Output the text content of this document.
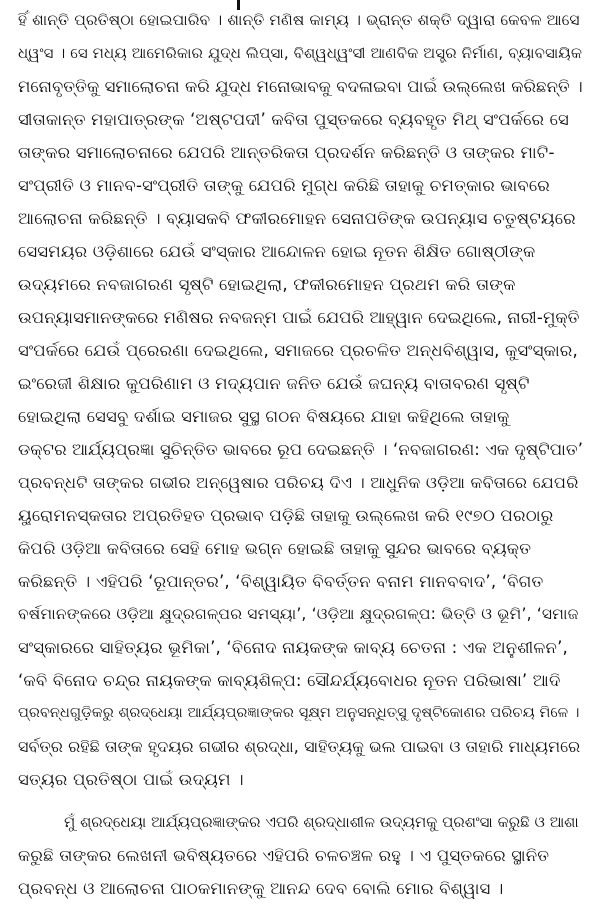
ହିଁ ଶାନ୍ତି ପ୍ରତିଷ୍ଠା ହୋଇପାରିବ । ଶାନ୍ତି ମଣିଷ କାମ୍ୟ । ଭ୍ରାନ୍ତ ଶକ୍ତି ଦ୍ୱାରା କେବଳ ଆସେ
ଧ୍ୱଂସ । ସେ ମଧ୍ୟ ଆମେରିକାର ଯୁଦ୍ଧ ଲିପ୍‌ସା, ବିଶ୍ୱଧ୍ୱଂସୀ ଆଣବିକ ଅସ୍ତ୍ର ନିର୍ମାଣ, ବ୍ୟାବସାୟିକ
ମନୋବୃତ୍ତିକୁ ସମାଲୋଚନା କରି ଯୁଦ୍ଧ ମନୋଭାବକୁ ବଦଳାଇବା ପାଇଁ ଉଲ୍ଲେଖ କରିଛନ୍ତି ।
ସୀତାକାନ୍ତ ମହାପାତ୍ରଙ୍କ ‘ଅଷ୍ଟପଦୀ’ କବିତା ପୁସ୍ତକରେ ବ୍ୟବହୃତ ମିଥ୍ ସଂପର୍କରେ ସେ
ତାଙ୍କର ସମାଲୋଚନାରେ ଯେପରି ଆନ୍ତରିକତା ପ୍ରଦର୍ଶନ କରିଛନ୍ତି ଓ ତାଙ୍କର ମାଟି-
ସଂପ୍ରୀତି ଓ ମାନବ-ସଂପ୍ରୀତି ତାଙ୍କୁ ଯେପରି ମୁଗ୍ଧ କରିଛି ତାହାକୁ ଚମତ୍କାର ଭାବରେ
ଆଲୋଚନା କରିଛନ୍ତି । ବ୍ୟାସକବି ଫକୀରମୋହନ ସେନାପତିଙ୍କ ଉପନ୍ୟାସ ଚତୁଷ୍ଟୟରେ
ସେସମୟର ଓଡ଼ିଶାରେ ଯେଉଁ ସଂସ୍କାର ଆନ୍ଦୋଳନ ହୋଇ ନୂତନ ଶିକ୍ଷିତ ଗୋଷ୍ଠୀଙ୍କ
ଉଦ୍ୟମରେ ନବଜାଗରଣ ସୃଷ୍ଟି ହୋଇଥିଲା, ଫକୀରମୋହନ ପ୍ରଥମ କରି ତାଙ୍କ
ଉପନ୍ୟାସମାନଙ୍କରେ ମଣିଷର ନବଜନ୍ମ ପାଇଁ ଯେପରି ଆହ୍ୱାନ ଦେଇଥିଲେ, ନାରୀ-ମୁକ୍ତି
ସଂପର୍କରେ ଯେଉଁ ପ୍ରେରଣା ଦେଇଥିଲେ, ସମାଜରେ ପ୍ରଚଳିତ ଅନ୍ଧବିଶ୍ୱାସ, କୁସଂସ୍କାର,
ଇଂରେଜୀ ଶିକ୍ଷାର କୁପରିଣାମ ଓ ମଦ୍ୟପାନ ଜନିତ ଯେଉଁ ଜଘନ୍ୟ ବାତାବରଣ ସୃଷ୍ଟି
ହୋଇଥିଲା ସେସବୁ ଦର୍ଶାଇ ସମାଜର ସୁସ୍ଥ ଗଠନ ବିଷୟରେ ଯାହା କହିଥିଲେ ତାହାକୁ
ଡକ୍ଟର ଆର୍ଯ୍ୟପ୍ରଜ୍ଞା ସୁଚିନ୍ତିତ ଭାବରେ ରୂପ ଦେଇଛନ୍ତି । ‘ନବଜାଗରଣ: ଏକ ଦୃଷ୍ଟିପାତ’
ପ୍ରବନ୍ଧଟି ତାଙ୍କର ଗଭୀର ଅନ୍ୱେଷାର ପରିଚୟ ଦିଏ । ଆଧୁନିକ ଓଡ଼ିଆ କବିତାରେ ଯେପରି
ୟୁରୋମନସ୍କତାର ଅପ୍ରତିହତ ପ୍ରଭାବ ପଡ଼ିଛି ତାହାକୁ ଉଲ୍ଲେଖ କରି ୧୯୭୦ ପରଠାରୁ
କିପରି ଓଡ଼ିଆ କବିତାରେ ସେହି ମୋହ ଭଗ୍ନ ହୋଇଛି ତାହାକୁ ସୁନ୍ଦର ଭାବରେ ବ୍ୟକ୍ତ
କରିଛନ୍ତି । ଏହିପରି ‘ରୂପାନ୍ତର’, ‘ବିଶ୍ୱାୟିତ ବିବର୍ତ୍ତନ ବନାମ ମାନବବାଦ’, ‘ବିଗତ
ବର୍ଷମାନଙ୍କରେ ଓଡ଼ିଆ କ୍ଷୁଦ୍ରଗଳ୍ପର ସମସ୍ୟା’, ‘ଓଡ଼ିଆ କ୍ଷୁଦ୍ରଗଳ୍ପ: ଭିତ୍ତି ଓ ଭୂମି’, ‘ସମାଜ
ସଂସ୍କାରରେ ସାହିତ୍ୟର ଭୂମିକା’, ‘ବିନୋଦ ନାୟକଙ୍କ କାବ୍ୟ ଚେତନା : ଏକ ଅନୁଶୀଳନ’,
‘କବି ବିନୋଦ ଚନ୍ଦ୍ର ନାୟକଙ୍କ କାବ୍ୟଶିଳ୍ପ: ସୌନ୍ଦର୍ଯ୍ୟବୋଧର ନୂତନ ପରିଭାଷା’ ଆଦି
ପ୍ରବନ୍ଧଗୁଡ଼ିକରୁ ଶ୍ରଦ୍ଧେୟା ଆର୍ଯ୍ୟପ୍ରଜ୍ଞାଙ୍କର ସୂକ୍ଷ୍ମ ଅନୁସନ୍ଧିତ୍ସୁ ଦୃଷ୍ଟିକୋଣର ପରିଚୟ ମିଳେ ।
ସର୍ବତ୍ର ରହିଛି ତାଙ୍କ ହୃଦୟର ଗଭୀର ଶ୍ରଦ୍ଧା, ସାହିତ୍ୟକୁ ଭଲ ପାଇବା ଓ ତାହାରି ମାଧ୍ୟମରେ
ସତ୍ୟର ପ୍ରତିଷ୍ଠା ପାଇଁ ଉଦ୍ୟମ ।
ମୁଁ ଶ୍ରଦ୍ଧେୟା ଆର୍ଯ୍ୟପ୍ରଜ୍ଞାଙ୍କର ଏପରି ଶ୍ରଦ୍ଧାଶୀଳ ଉଦ୍ୟମକୁ ପ୍ରଶଂସା କରୁଛି ଓ ଆଶା
କରୁଛି ତାଙ୍କର ଲେଖନୀ ଭବିଷ୍ୟତରେ ଏହିପରି ଚଳଚଞ୍ଚଳ ରହୁ । ଏ ପୁସ୍ତକରେ ସ୍ଥାନିତ
ପ୍ରବନ୍ଧ ଓ ଆଲୋଚନା ପାଠକମାନଙ୍କୁ ଆନନ୍ଦ ଦେବ ବୋଲି ମୋର ବିଶ୍ୱାସ ।
